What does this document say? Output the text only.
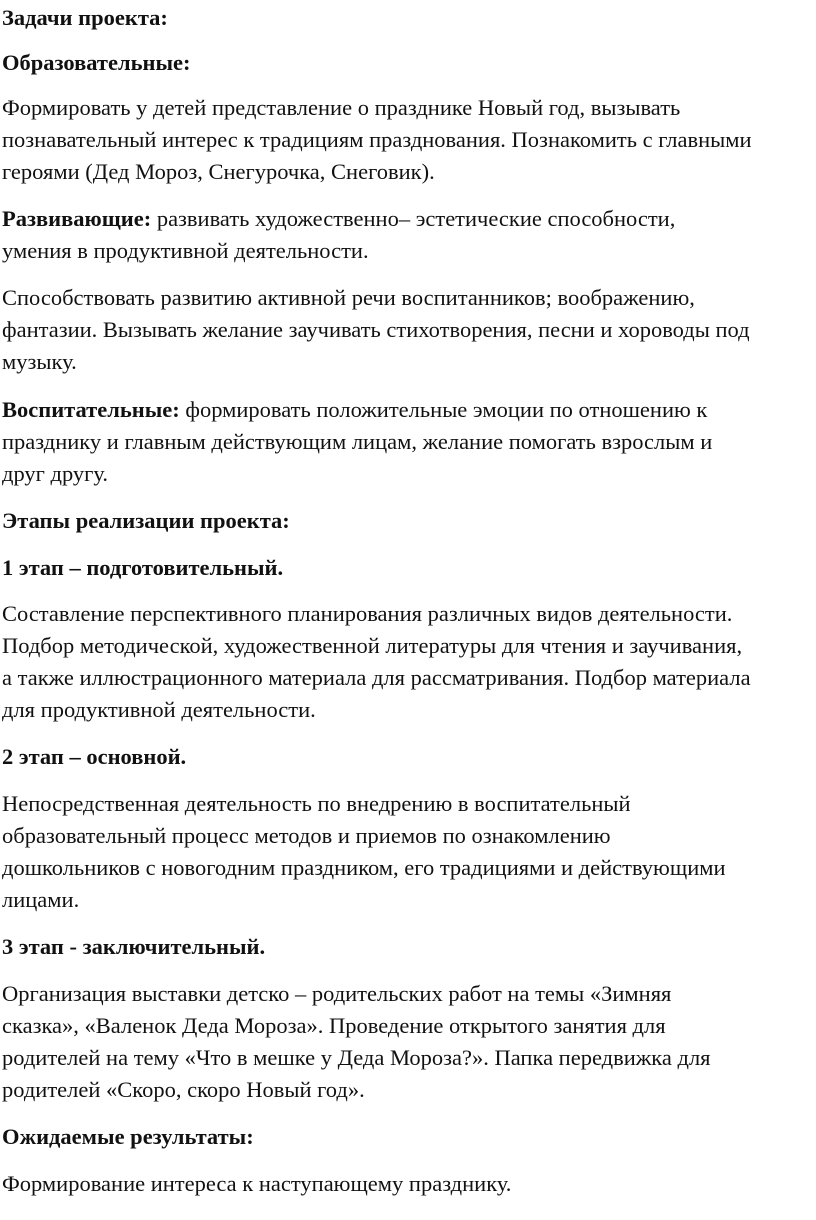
Задачи проекта:
Образовательные:
Формировать у детей представление о празднике Новый год, вызывать
познавательный интерес к традициям празднования. Познакомить с главными
героями (Дед Мороз, Снегурочка, Снеговик).
Развивающие: развивать художественно– эстетические способности,
умения в продуктивной деятельности.
Способствовать развитию активной речи воспитанников; воображению,
фантазии. Вызывать желание заучивать стихотворения, песни и хороводы под
музыку.
Воспитательные: формировать положительные эмоции по отношению к
празднику и главным действующим лицам, желание помогать взрослым и
друг другу.
Этапы реализации проекта:
1 этап – подготовительный.
Составление перспективного планирования различных видов деятельности.
Подбор методической, художественной литературы для чтения и заучивания,
а также иллюстрационного материала для рассматривания. Подбор материала
для продуктивной деятельности.
2 этап – основной.
Непосредственная деятельность по внедрению в воспитательный
образовательный процесс методов и приемов по ознакомлению
дошкольников с новогодним праздником, его традициями и действующими
лицами.
3 этап - заключительный.
Организация выставки детско – родительских работ на темы «Зимняя
сказка», «Валенок Деда Мороза». Проведение открытого занятия для
родителей на тему «Что в мешке у Деда Мороза?». Папка передвижка для
родителей «Скоро, скоро Новый год».
Ожидаемые результаты:
Формирование интереса к наступающему празднику.
